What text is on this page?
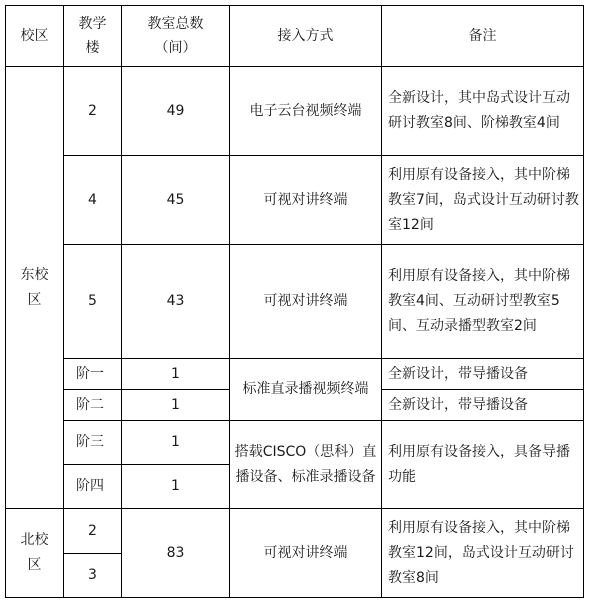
校区	教学楼	教室总数（间）	接入方式	备注
东校区	2	49	电子云台视频终端	全新设计，其中岛式设计互动研讨教室8间、阶梯教室4间
	4	45	可视对讲终端	利用原有设备接入，其中阶梯教室7间，岛式设计互动研讨教室12间
	5	43	可视对讲终端	利用原有设备接入，其中阶梯教室4间、互动研讨型教室5间、互动录播型教室2间
	阶一	1	标准直录播视频终端	全新设计，带导播设备
	阶二	1		全新设计，带导播设备
	阶三	1	搭载CISCO（思科）直播设备、标准录播设备	利用原有设备接入，具备导播功能
	阶四	1		
北校区	2	83	可视对讲终端	利用原有设备接入，其中阶梯教室12间，岛式设计互动研讨教室8间
	3			
